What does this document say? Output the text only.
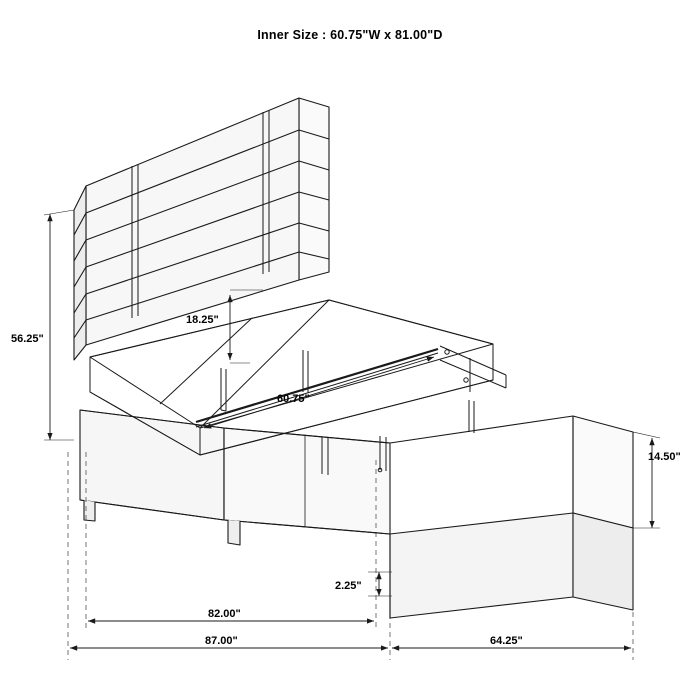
Inner Size : 60.75"W x 81.00"D
56.25"
18.25"
60.75"
14.50"
2.25"
82.00"
87.00"	64.25"
